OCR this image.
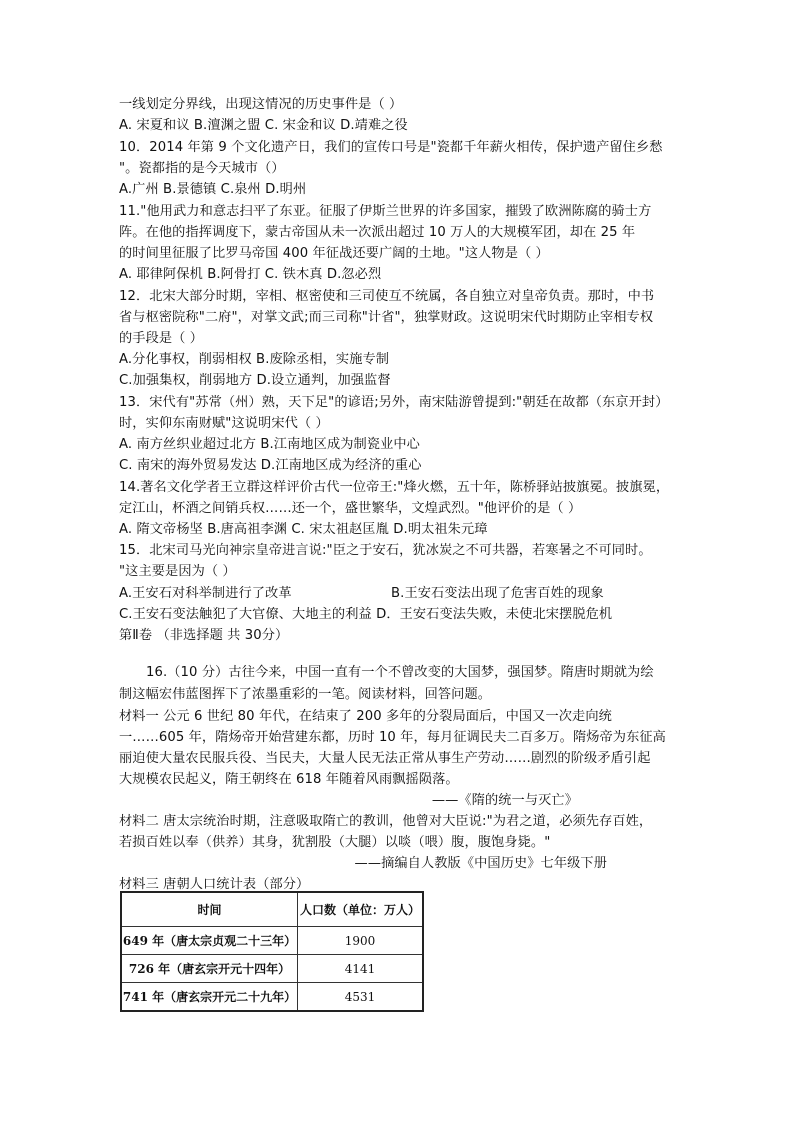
一线划定分界线，出现这情况的历史事件是（ ）
A. 宋夏和议 B.澶渊之盟 C. 宋金和议 D.靖难之役
10．2014 年第 9 个文化遗产日，我们的宣传口号是"瓷都千年薪火相传，保护遗产留住乡愁
"。瓷都指的是今天城市（）
A.广州 B.景德镇 C.泉州 D.明州
11."他用武力和意志扫平了东亚。征服了伊斯兰世界的许多国家，摧毁了欧洲陈腐的骑士方
阵。在他的指挥调度下，蒙古帝国从未一次派出超过 10 万人的大规模军团，却在 25 年
的时间里征服了比罗马帝国 400 年征战还要广阔的土地。"这人物是（ ）
A. 耶律阿保机 B.阿骨打 C. 铁木真 D.忽必烈
12．北宋大部分时期，宰相、枢密使和三司使互不统属，各自独立对皇帝负责。那时，中书
省与枢密院称"二府"，对掌文武;而三司称"计省"，独掌财政。这说明宋代时期防止宰相专权
的手段是（ ）
A.分化事权，削弱相权 B.废除丞相，实施专制
C.加强集权，削弱地方 D.设立通判，加强监督
13．宋代有"苏常（州）熟，天下足"的谚语;另外，南宋陆游曾提到:"朝廷在故都（东京开封）
时，实仰东南财赋"这说明宋代（ ）
A. 南方丝织业超过北方 B.江南地区成为制瓷业中心
C. 南宋的海外贸易发达 D.江南地区成为经济的重心
14.著名文化学者王立群这样评价古代一位帝王:"烽火燃，五十年，陈桥驿站披旗冕。披旗冕，
定江山，杯酒之间销兵权……还一个，盛世繁华，文煌武烈。"他评价的是（ ）
A. 隋文帝杨坚 B.唐高祖李渊 C. 宋太祖赵匡胤 D.明太祖朱元璋
15．北宋司马光向神宗皇帝进言说:"臣之于安石，犹冰炭之不可共器，若寒暑之不可同时。
"这主要是因为（ ）
A.王安石对科举制进行了改革	B.王安石变法出现了危害百姓的现象
C.王安石变法触犯了大官僚、大地主的利益 D．王安石变法失败，未使北宋摆脱危机
第Ⅱ卷 （非选择题 共 30分）
16.（10 分）古往今来，中国一直有一个不曾改变的大国梦，强国梦。隋唐时期就为绘
制这幅宏伟蓝图挥下了浓墨重彩的一笔。阅读材料，回答问题。
材料一 公元 6 世纪 80 年代，在结束了 200 多年的分裂局面后，中国又一次走向统
一……605 年，隋炀帝开始营建东都，历时 10 年，每月征调民夫二百多万。隋炀帝为东征高
丽迫使大量农民服兵役、当民夫，大量人民无法正常从事生产劳动……剧烈的阶级矛盾引起
大规模农民起义，隋王朝终在 618 年随着风雨飘摇陨落。
——《隋的统一与灭亡》
材料二 唐太宗统治时期，注意吸取隋亡的教训，他曾对大臣说:"为君之道，必须先存百姓，
若损百姓以奉（供养）其身，犹割股（大腿）以啖（喂）腹，腹饱身毙。"
——摘编自人教版《中国历史》七年级下册
材料三 唐朝人口统计表（部分）
时间	人口数（单位：万人）
649 年（唐太宗贞观二十三年）	1900
726 年（唐玄宗开元十四年）	4141
741 年（唐玄宗开元二十九年）	4531
